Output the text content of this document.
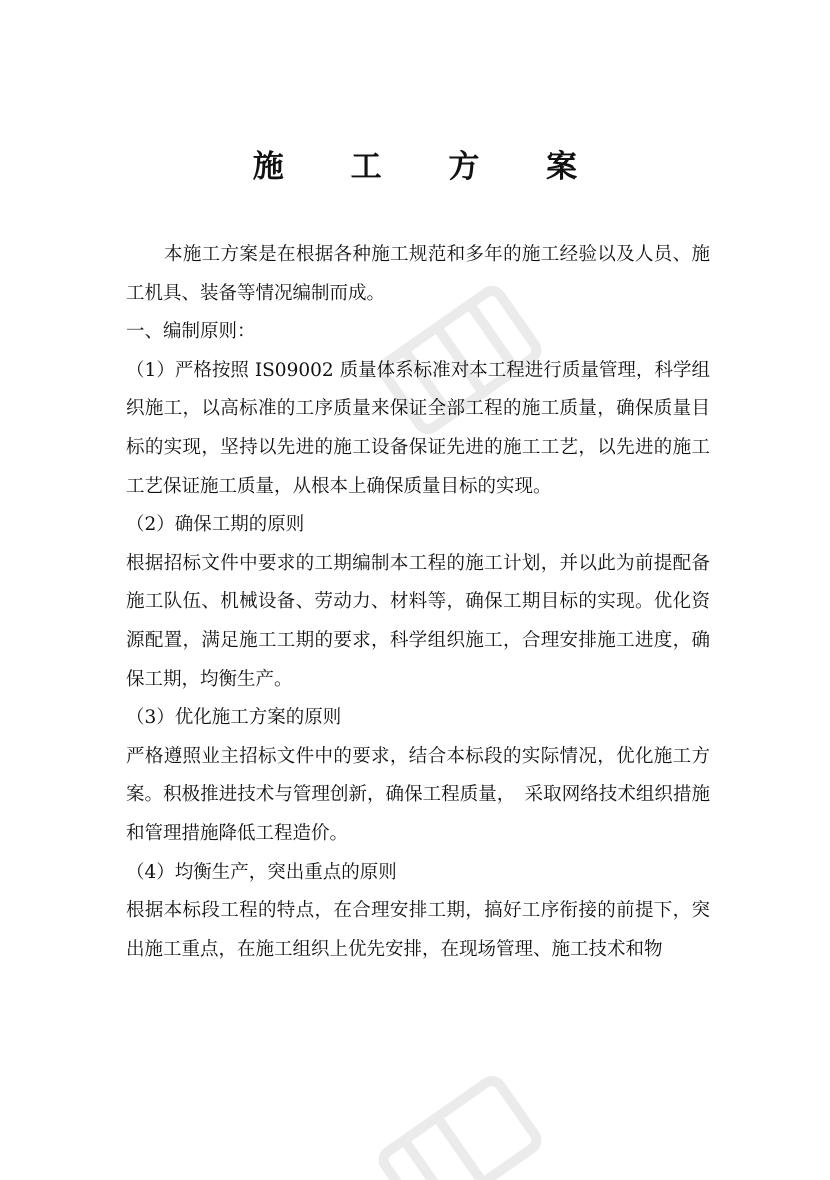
施 工 方 案

本施工方案是在根据各种施工规范和多年的施工经验以及人员、施工机具、装备等情况编制而成。

一、编制原则：

（1）严格按照 IS09002 质量体系标准对本工程进行质量管理，科学组织施工，以高标准的工序质量来保证全部工程的施工质量，确保质量目标的实现，坚持以先进的施工设备保证先进的施工工艺，以先进的施工工艺保证施工质量，从根本上确保质量目标的实现。

（2）确保工期的原则

根据招标文件中要求的工期编制本工程的施工计划，并以此为前提配备施工队伍、机械设备、劳动力、材料等，确保工期目标的实现。优化资源配置，满足施工工期的要求，科学组织施工，合理安排施工进度，确保工期，均衡生产。

（3）优化施工方案的原则

严格遵照业主招标文件中的要求，结合本标段的实际情况，优化施工方案。积极推进技术与管理创新，确保工程质量，　采取网络技术组织措施和管理措施降低工程造价。

（4）均衡生产，突出重点的原则

根据本标段工程的特点，在合理安排工期，搞好工序衔接的前提下，突出施工重点，在施工组织上优先安排，在现场管理、施工技术和物
